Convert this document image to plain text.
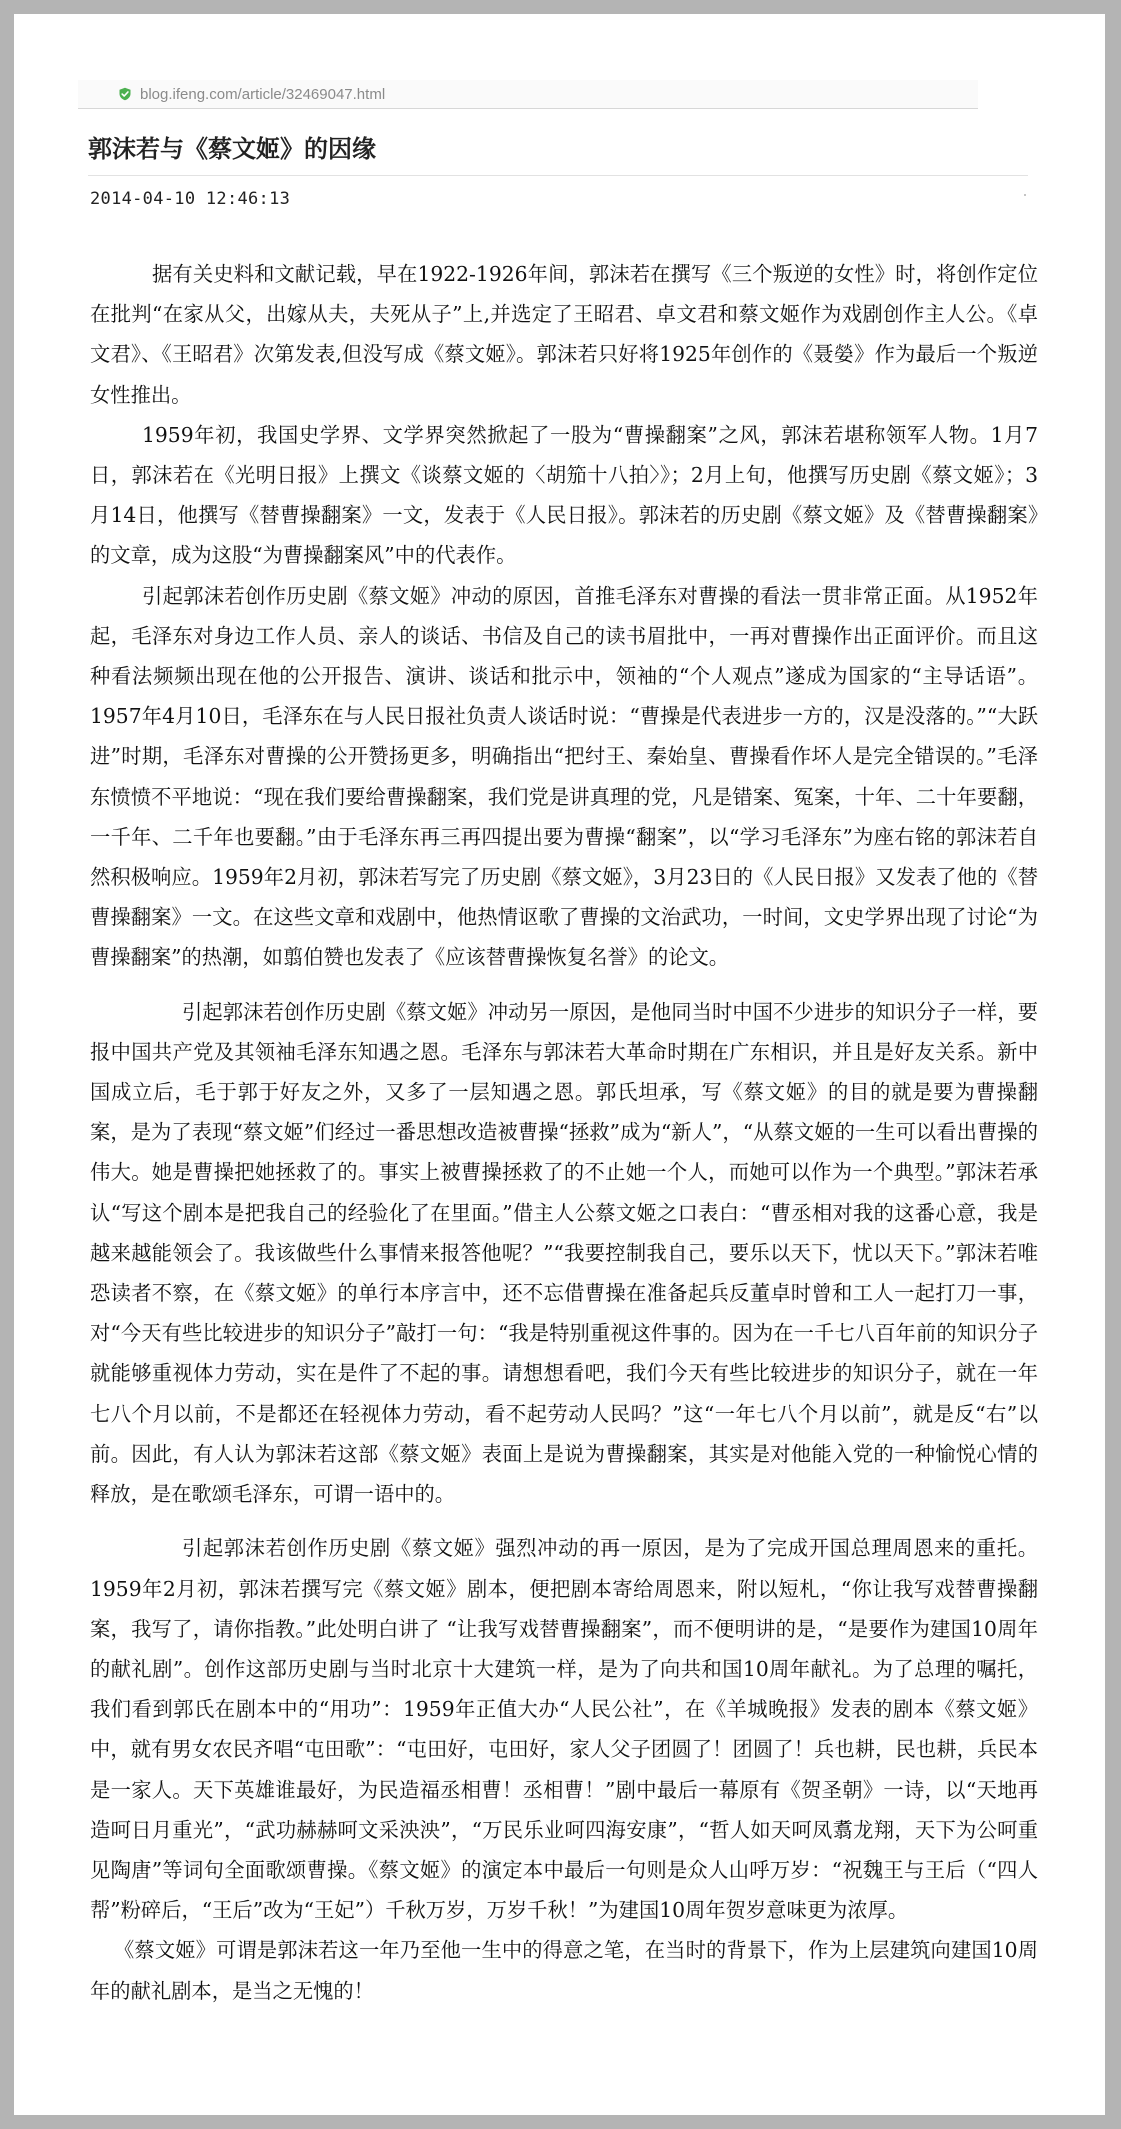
blog.ifeng.com/article/32469047.html
郭沫若与《蔡文姬》的因缘
2014-04-10 12:46:13

据有关史料和文献记载，早在1922-1926年间，郭沫若在撰写《三个叛逆的女性》时，将创作定位在批判“在家从父，出嫁从夫，夫死从子”上,并选定了王昭君、卓文君和蔡文姬作为戏剧创作主人公。《卓文君》、《王昭君》次第发表,但没写成《蔡文姬》。郭沫若只好将1925年创作的《聂嫈》作为最后一个叛逆女性推出。

1959年初，我国史学界、文学界突然掀起了一股为“曹操翻案”之风，郭沫若堪称领军人物。1月7日，郭沫若在《光明日报》上撰文《谈蔡文姬的〈胡笳十八拍〉》；2月上旬，他撰写历史剧《蔡文姬》；3月14日，他撰写《替曹操翻案》一文，发表于《人民日报》。郭沫若的历史剧《蔡文姬》及《替曹操翻案》的文章，成为这股“为曹操翻案风”中的代表作。

引起郭沫若创作历史剧《蔡文姬》冲动的原因，首推毛泽东对曹操的看法一贯非常正面。从1952年起，毛泽东对身边工作人员、亲人的谈话、书信及自己的读书眉批中，一再对曹操作出正面评价。而且这种看法频频出现在他的公开报告、演讲、谈话和批示中，领袖的“个人观点”遂成为国家的“主导话语”。1957年4月10日，毛泽东在与人民日报社负责人谈话时说：“曹操是代表进步一方的，汉是没落的。”“大跃进”时期，毛泽东对曹操的公开赞扬更多，明确指出“把纣王、秦始皇、曹操看作坏人是完全错误的。”毛泽东愤愤不平地说：“现在我们要给曹操翻案，我们党是讲真理的党，凡是错案、冤案，十年、二十年要翻，一千年、二千年也要翻。”由于毛泽东再三再四提出要为曹操“翻案”，以“学习毛泽东”为座右铭的郭沫若自然积极响应。1959年2月初，郭沫若写完了历史剧《蔡文姬》，3月23日的《人民日报》又发表了他的《替曹操翻案》一文。在这些文章和戏剧中，他热情讴歌了曹操的文治武功，一时间，文史学界出现了讨论“为曹操翻案”的热潮，如翦伯赞也发表了《应该替曹操恢复名誉》的论文。

引起郭沫若创作历史剧《蔡文姬》冲动另一原因，是他同当时中国不少进步的知识分子一样，要报中国共产党及其领袖毛泽东知遇之恩。毛泽东与郭沫若大革命时期在广东相识，并且是好友关系。新中国成立后，毛于郭于好友之外，又多了一层知遇之恩。郭氏坦承，写《蔡文姬》的目的就是要为曹操翻案，是为了表现“蔡文姬”们经过一番思想改造被曹操“拯救”成为“新人”，“从蔡文姬的一生可以看出曹操的伟大。她是曹操把她拯救了的。事实上被曹操拯救了的不止她一个人，而她可以作为一个典型。”郭沫若承认“写这个剧本是把我自己的经验化了在里面。”借主人公蔡文姬之口表白：“曹丞相对我的这番心意，我是越来越能领会了。我该做些什么事情来报答他呢？”“我要控制我自己，要乐以天下，忧以天下。”郭沫若唯恐读者不察，在《蔡文姬》的单行本序言中，还不忘借曹操在准备起兵反董卓时曾和工人一起打刀一事，对“今天有些比较进步的知识分子”敲打一句：“我是特别重视这件事的。因为在一千七八百年前的知识分子就能够重视体力劳动，实在是件了不起的事。请想想看吧，我们今天有些比较进步的知识分子，就在一年七八个月以前，不是都还在轻视体力劳动，看不起劳动人民吗？”这“一年七八个月以前”，就是反“右”以前。因此，有人认为郭沫若这部《蔡文姬》表面上是说为曹操翻案，其实是对他能入党的一种愉悦心情的释放，是在歌颂毛泽东，可谓一语中的。

引起郭沫若创作历史剧《蔡文姬》强烈冲动的再一原因，是为了完成开国总理周恩来的重托。1959年2月初，郭沫若撰写完《蔡文姬》剧本，便把剧本寄给周恩来，附以短札，“你让我写戏替曹操翻案，我写了，请你指教。”此处明白讲了 “让我写戏替曹操翻案”，而不便明讲的是，“是要作为建国10周年的献礼剧”。创作这部历史剧与当时北京十大建筑一样，是为了向共和国10周年献礼。为了总理的嘱托，我们看到郭氏在剧本中的“用功”：1959年正值大办“人民公社”，在《羊城晚报》发表的剧本《蔡文姬》中，就有男女农民齐唱“屯田歌”：“屯田好，屯田好，家人父子团圆了！团圆了！兵也耕，民也耕，兵民本是一家人。天下英雄谁最好，为民造福丞相曹！丞相曹！”剧中最后一幕原有《贺圣朝》一诗，以“天地再造呵日月重光”，“武功赫赫呵文采泱泱”，“万民乐业呵四海安康”，“哲人如天呵凤翥龙翔，天下为公呵重见陶唐”等词句全面歌颂曹操。《蔡文姬》的演定本中最后一句则是众人山呼万岁：“祝魏王与王后（“四人帮”粉碎后，“王后”改为“王妃”）千秋万岁，万岁千秋！”为建国10周年贺岁意味更为浓厚。

《蔡文姬》可谓是郭沫若这一年乃至他一生中的得意之笔，在当时的背景下，作为上层建筑向建国10周年的献礼剧本，是当之无愧的！
